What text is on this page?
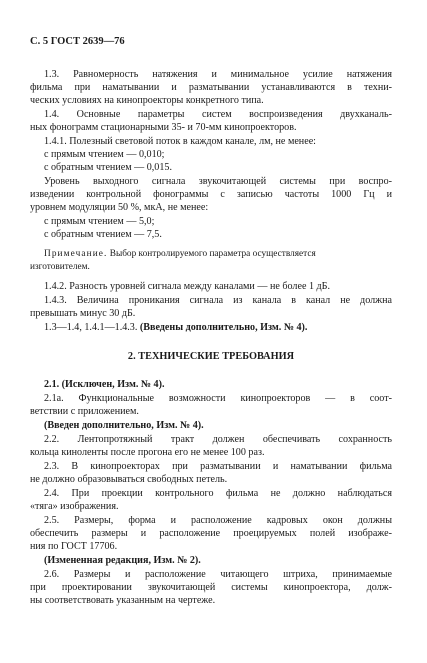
С. 5 ГОСТ 2639—76
1.3. Равномерность натяжения и минимальное усилие натяжения
фильма при наматывании и разматывании устанавливаются в техни-
ческих условиях на кинопроекторы конкретного типа.
1.4. Основные параметры систем воспроизведения двухканаль-
ных фонограмм стационарными 35- и 70-мм кинопроекторов.
1.4.1. Полезный световой поток в каждом канале, лм, не менее:
с прямым чтением — 0,010;
с обратным чтением — 0,015.
Уровень выходного сигнала звукочитающей системы при воспро-
изведении контрольной фонограммы с записью частоты 1000 Гц и
уровнем модуляции 50 %, мкА, не менее:
с прямым чтением — 5,0;
с обратным чтением — 7,5.
Примечание. Выбор контролируемого параметра осуществляется
изготовителем.
1.4.2. Разность уровней сигнала между каналами — не более 1 дБ.
1.4.3. Величина проникания сигнала из канала в канал не должна
превышать минус 30 дБ.
1.3—1.4, 1.4.1—1.4.3. (Введены дополнительно, Изм. № 4).
2. ТЕХНИЧЕСКИЕ ТРЕБОВАНИЯ
2.1. (Исключен, Изм. № 4).
2.1а. Функциональные возможности кинопроекторов — в соот-
ветствии с приложением.
(Введен дополнительно, Изм. № 4).
2.2. Лентопротяжный тракт должен обеспечивать сохранность
кольца киноленты после прогона его не менее 100 раз.
2.3. В кинопроекторах при разматывании и наматывании фильма
не должно образовываться свободных петель.
2.4. При проекции контрольного фильма не должно наблюдаться
«тяга» изображения.
2.5. Размеры, форма и расположение кадровых окон должны
обеспечить размеры и расположение проецируемых полей изображе-
ния по ГОСТ 17706.
(Измененная редакция, Изм. № 2).
2.6. Размеры и расположение читающего штриха, принимаемые
при проектировании звукочитающей системы кинопроектора, долж-
ны соответствовать указанным на чертеже.
